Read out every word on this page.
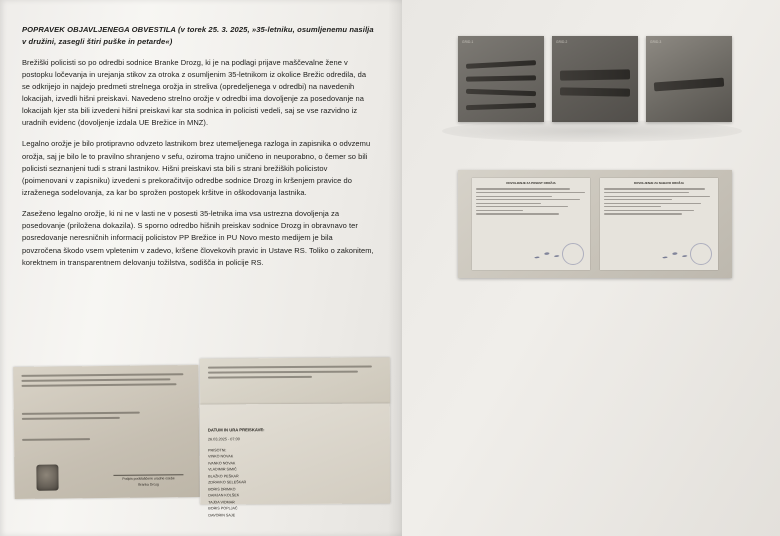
POPRAVEK OBJAVLJENEGA OBVESTILA (v torek 25. 3. 2025, »35-letniku, osumljenemu nasilja v družini, zasegli štiri puške in petarde«)
Brežiški policisti so po odredbi sodnice Branke Drozg, ki je na podlagi prijave maščevalne žene v postopku ločevanja in urejanja stikov za otroka z osumljenim 35-letnikom iz okolice Brežic odredila, da se odkrijejo in najdejo predmeti strelnega orožja in streliva (opredeljenega v odredbi) na navedenih lokacijah, izvedli hišni preiskavi. Navedeno strelno orožje v odredbi ima dovoljenje za posedovanje na lokacijah kjer sta bili izvedeni hišni preiskavi kar sta sodnica in policisti vedeli, saj se vse razvidno iz uradnih evidenc (dovoljenje izdala UE Brežice in MNZ).
Legalno orožje je bilo protipravno odvzeto lastnikom brez utemeljenega razloga in zapisnika o odvzemu orožja, saj je bilo le to pravilno shranjeno v sefu, oziroma trajno uničeno in neuporabno, o čemer so bili policisti seznanjeni tudi s strani lastnikov. Hišni preiskavi sta bili s strani brežiških policistov (poimenovani v zapisniku) izvedeni s prekoračitvijo odredbe sodnice Drozg in kršenjem pravice do izraženega sodelovanja, za kar bo sprožen postopek kršitve in oškodovanja lastnika.
Zaseženo legalno orožje, ki ni ne v lasti ne v posesti 35-letnika ima vsa ustrezna dovoljenja za posedovanje (priložena dokazila). S sporno odredbo hišnih preiskav sodnice Drozg in obravnavo ter posredovanje neresničnih informacij policistov PP Brežice in PU Novo mesto medijem je bila povzročena škodo vsem vpletenim v zadevo, kršene človekovih pravic in Ustave RS. Toliko o zakonitem, korektnem in transparentnem delovanju tožilstva, sodišča in policije RS.
Podpis pooblaščene uradne osebe
Branka Drozg
DATUM IN URA PREISKAVE:
26.03.2025 - 07:00
PRISOTNI:
VINKO NOVAK
IVANKO NOVAK
VLADIMIR SIMIČ
BLAŽKO PEŠKAR
ZDRAVKO SELEŠKAR
BORIS DRIMKO
DAMJAN KOLŠEK
TAJDA VIDMAR
BORIS POPLJAČ
DAVORIN SAJE
GRID-1	GRID-2	GRID-3
DOVOLJENJE ZA POSEST OROŽJA	DOVOLJENJE ZA NABAVO OROŽJA
